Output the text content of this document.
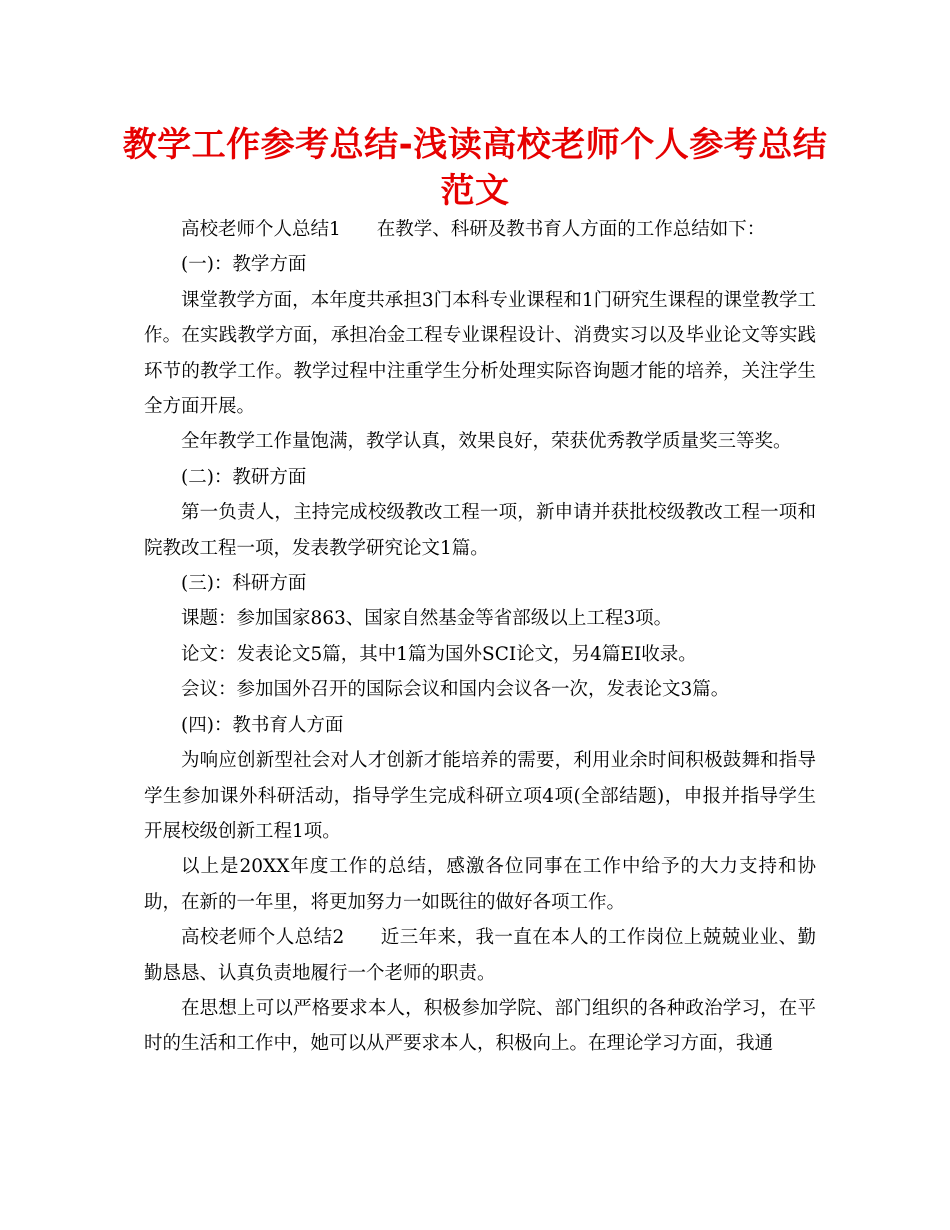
教学工作参考总结-浅读高校老师个人参考总结范文

高校老师个人总结1 在教学、科研及教书育人方面的工作总结如下：

(一)：教学方面

课堂教学方面，本年度共承担3门本科专业课程和1门研究生课程的课堂教学工作。在实践教学方面，承担冶金工程专业课程设计、消费实习以及毕业论文等实践环节的教学工作。教学过程中注重学生分析处理实际咨询题才能的培养，关注学生全方面开展。

全年教学工作量饱满，教学认真，效果良好，荣获优秀教学质量奖三等奖。

(二)：教研方面

第一负责人，主持完成校级教改工程一项，新申请并获批校级教改工程一项和院教改工程一项，发表教学研究论文1篇。

(三)：科研方面

课题：参加国家863、国家自然基金等省部级以上工程3项。

论文：发表论文5篇，其中1篇为国外SCI论文，另4篇EI收录。

会议：参加国外召开的国际会议和国内会议各一次，发表论文3篇。

(四)：教书育人方面

为响应创新型社会对人才创新才能培养的需要，利用业余时间积极鼓舞和指导学生参加课外科研活动，指导学生完成科研立项4项(全部结题)，申报并指导学生开展校级创新工程1项。

以上是20XX年度工作的总结，感激各位同事在工作中给予的大力支持和协助，在新的一年里，将更加努力一如既往的做好各项工作。

高校老师个人总结2 近三年来，我一直在本人的工作岗位上兢兢业业、勤勤恳恳、认真负责地履行一个老师的职责。

在思想上可以严格要求本人，积极参加学院、部门组织的各种政治学习，在平时的生活和工作中，她可以从严要求本人，积极向上。在理论学习方面，我通
